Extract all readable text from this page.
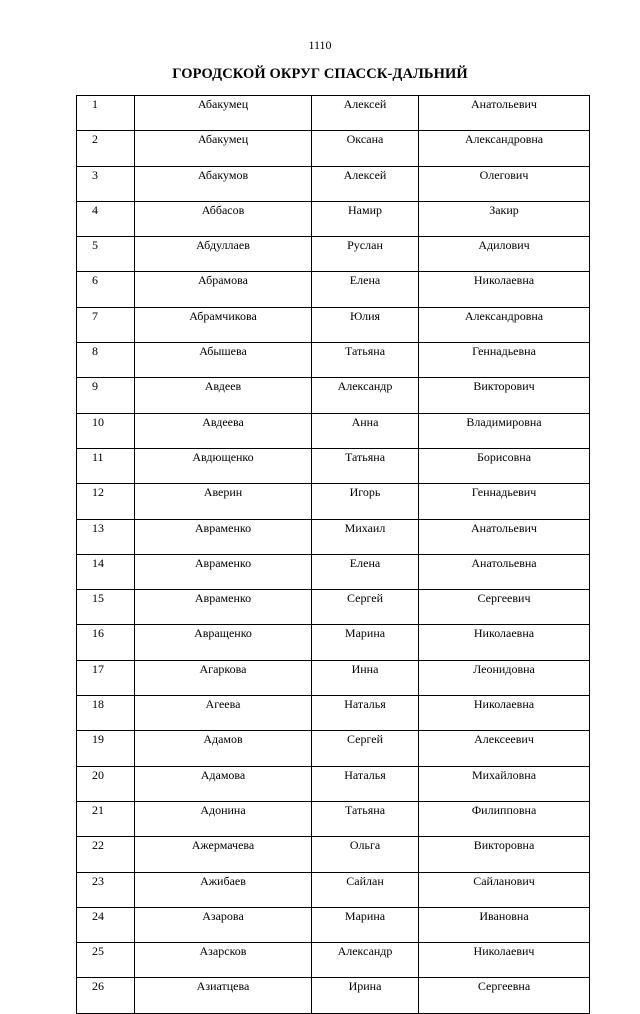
1110
ГОРОДСКОЙ ОКРУГ СПАССК-ДАЛЬНИЙ
1	Абакумец	Алексей	Анатольевич
2	Абакумец	Оксана	Александровна
3	Абакумов	Алексей	Олегович
4	Аббасов	Намир	Закир
5	Абдуллаев	Руслан	Адилович
6	Абрамова	Елена	Николаевна
7	Абрамчикова	Юлия	Александровна
8	Абышева	Татьяна	Геннадьевна
9	Авдеев	Александр	Викторович
10	Авдеева	Анна	Владимировна
11	Авдющенко	Татьяна	Борисовна
12	Аверин	Игорь	Геннадьевич
13	Авраменко	Михаил	Анатольевич
14	Авраменко	Елена	Анатольевна
15	Авраменко	Сергей	Сергеевич
16	Авращенко	Марина	Николаевна
17	Агаркова	Инна	Леонидовна
18	Агеева	Наталья	Николаевна
19	Адамов	Сергей	Алексеевич
20	Адамова	Наталья	Михайловна
21	Адонина	Татьяна	Филипповна
22	Ажермачева	Ольга	Викторовна
23	Ажибаев	Сайлан	Сайланович
24	Азарова	Марина	Ивановна
25	Азарсков	Александр	Николаевич
26	Азиатцева	Ирина	Сергеевна
